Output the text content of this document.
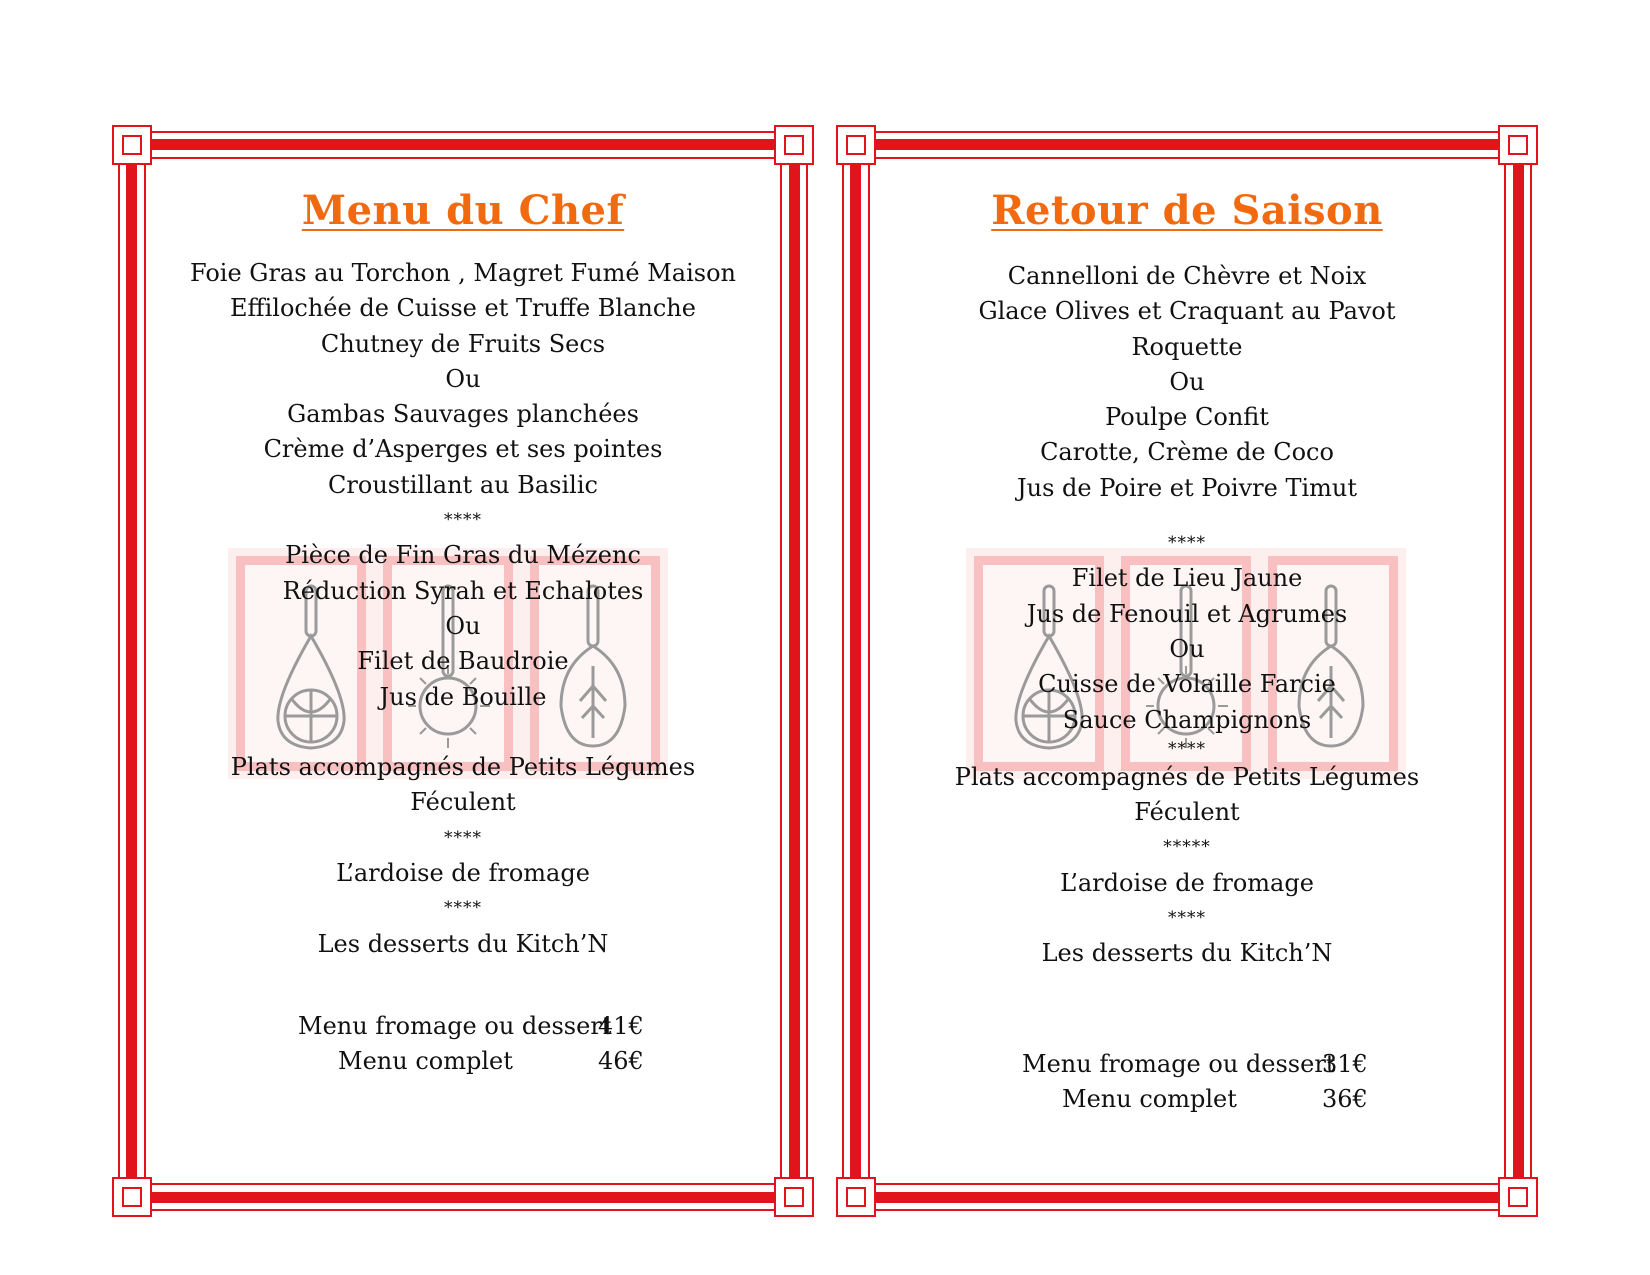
Menu du Chef
Foie Gras au Torchon , Magret Fumé Maison
Effilochée de Cuisse et Truffe Blanche
Chutney de Fruits Secs
Ou
Gambas Sauvages planchées
Crème d’Asperges et ses pointes
Croustillant au Basilic
****
Pièce de Fin Gras du Mézenc
Réduction Syrah et Echalotes
Ou
Filet de Baudroie
Jus de Bouille
Plats accompagnés de Petits Légumes
Féculent
****
L’ardoise de fromage
****
Les desserts du Kitch’N
Menu fromage ou dessert
41€
Menu complet	46€
Retour de Saison
Cannelloni de Chèvre et Noix
Glace Olives et Craquant au Pavot
Roquette
Ou
Poulpe Confit
Carotte, Crème de Coco
Jus de Poire et Poivre Timut
****
Filet de Lieu Jaune
Jus de Fenouil et Agrumes
Ou
Cuisse de Volaille Farcie
Sauce Champignons
****
Plats accompagnés de Petits Légumes
Féculent
*****
L’ardoise de fromage
****
Les desserts du Kitch’N
Menu fromage ou dessert
31€
Menu complet	36€
